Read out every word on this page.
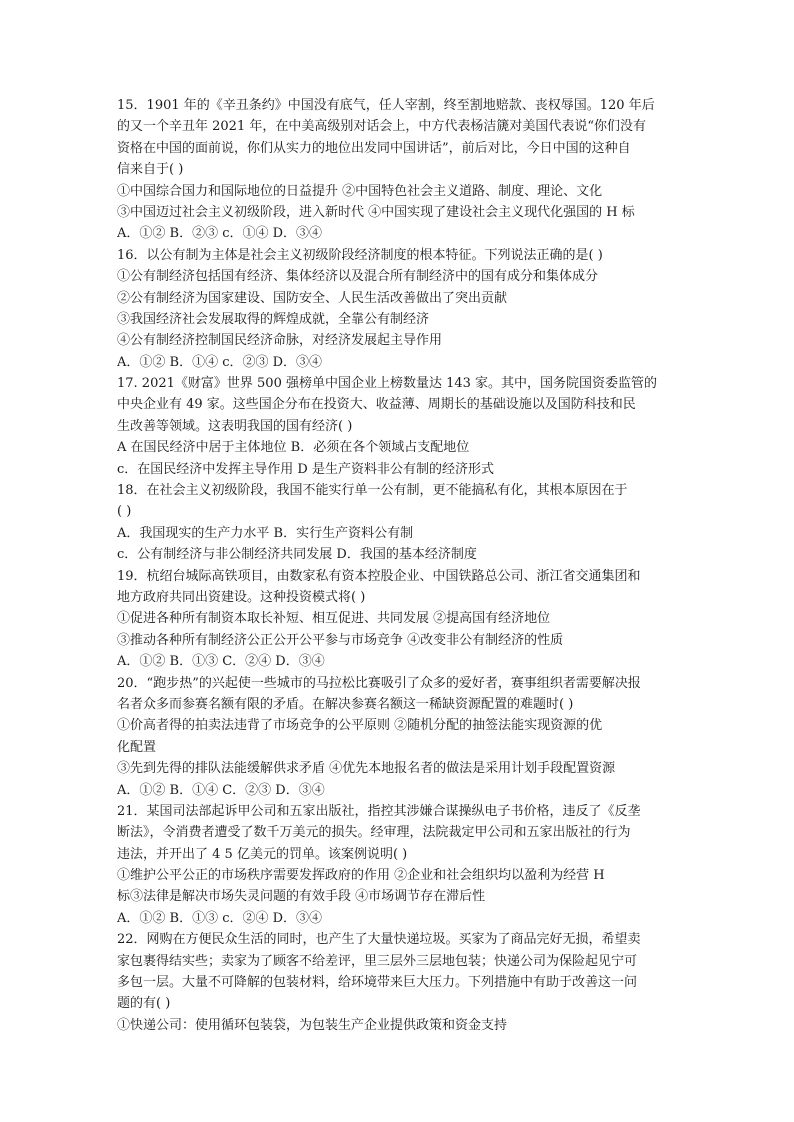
15．1901 年的《辛丑条约》中国没有底气，任人宰割，终至割地赔款、丧权辱国。120 年后
的又一个辛丑年 2021 年，在中美高级别对话会上，中方代表杨洁篪对美国代表说“你们没有
资格在中国的面前说，你们从实力的地位出发同中国讲话”，前后对比，今日中国的这种自
信来自于( )
①中国综合国力和国际地位的日益提升 ②中国特色社会主义道路、制度、理论、文化
③中国迈过社会主义初级阶段，进入新时代 ④中国实现了建设社会主义现代化强国的 H 标
A．①② B．②③ c．①④ D．③④
16．以公有制为主体是社会主义初级阶段经济制度的根本特征。下列说法正确的是( )
①公有制经济包括国有经济、集体经济以及混合所有制经济中的国有成分和集体成分
②公有制经济为国家建设、国防安全、人民生活改善做出了突出贡献
③我国经济社会发展取得的辉煌成就，全靠公有制经济
④公有制经济控制国民经济命脉，对经济发展起主导作用
A．①② B．①④ c．②③ D．③④
17. 2021《财富》世界 500 强榜单中国企业上榜数量达 143 家。其中，国务院国资委监管的
中央企业有 49 家。这些国企分布在投资大、收益薄、周期长的基础设施以及国防科技和民
生改善等领域。这表明我国的国有经济( )
A 在国民经济中居于主体地位 B．必须在各个领域占支配地位
c．在国民经济中发挥主导作用 D 是生产资料非公有制的经济形式
18．在社会主义初级阶段，我国不能实行单一公有制，更不能搞私有化，其根本原因在于
( )
A．我国现实的生产力水平 B．实行生产资料公有制
c．公有制经济与非公制经济共同发展 D．我国的基本经济制度
19．杭绍台城际高铁项目，由数家私有资本控股企业、中国铁路总公司、浙江省交通集团和
地方政府共同出资建设。这种投资模式将( )
①促进各种所有制资本取长补短、相互促进、共同发展 ②提高国有经济地位
③推动各种所有制经济公正公开公平参与市场竞争 ④改变非公有制经济的性质
A．①② B．①③ C．②④ D．③④
20．“跑步热”的兴起使一些城市的马拉松比赛吸引了众多的爱好者，赛事组织者需要解决报
名者众多而参赛名额有限的矛盾。在解决参赛名额这一稀缺资源配置的难题时( )
①价高者得的拍卖法违背了市场竞争的公平原则 ②随机分配的抽签法能实现资源的优
化配置
③先到先得的排队法能缓解供求矛盾 ④优先本地报名者的做法是采用计划手段配置资源
A．①② B．①④ C．②③ D．③④
21．某国司法部起诉甲公司和五家出版社，指控其涉嫌合谋操纵电子书价格，违反了《反垄
断法》，令消费者遭受了数千万美元的损失。经审理，法院裁定甲公司和五家出版社的行为
违法，并开出了 4 5 亿美元的罚单。该案例说明( )
①维护公平公正的市场秩序需要发挥政府的作用 ②企业和社会组织均以盈利为经营 H
标③法律是解决市场失灵问题的有效手段 ④市场调节存在滞后性
A．①② B．①③ c．②④ D．③④
22．网购在方便民众生活的同时，也产生了大量快递垃圾。买家为了商品完好无损，希望卖
家包裹得结实些；卖家为了顾客不给差评，里三层外三层地包装；快递公司为保险起见宁可
多包一层。大量不可降解的包装材料，给环境带来巨大压力。下列措施中有助于改善这一问
题的有( )
①快递公司：使用循环包装袋，为包装生产企业提供政策和资金支持
